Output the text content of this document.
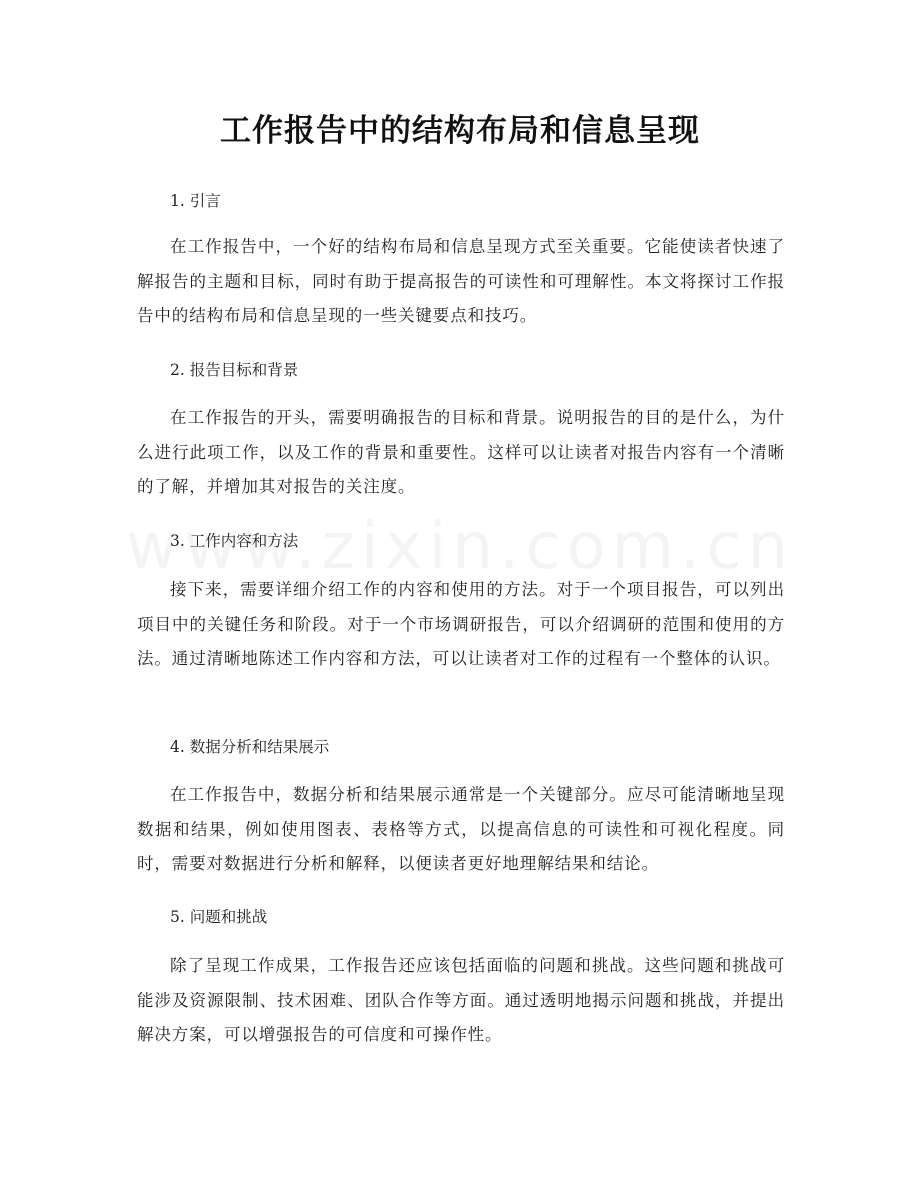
工作报告中的结构布局和信息呈现

1. 引言

在工作报告中，一个好的结构布局和信息呈现方式至关重要。它能使读者快速了解报告的主题和目标，同时有助于提高报告的可读性和可理解性。本文将探讨工作报告中的结构布局和信息呈现的一些关键要点和技巧。

2. 报告目标和背景

在工作报告的开头，需要明确报告的目标和背景。说明报告的目的是什么，为什么进行此项工作，以及工作的背景和重要性。这样可以让读者对报告内容有一个清晰的了解，并增加其对报告的关注度。

3. 工作内容和方法

接下来，需要详细介绍工作的内容和使用的方法。对于一个项目报告，可以列出项目中的关键任务和阶段。对于一个市场调研报告，可以介绍调研的范围和使用的方法。通过清晰地陈述工作内容和方法，可以让读者对工作的过程有一个整体的认识。

4. 数据分析和结果展示

在工作报告中，数据分析和结果展示通常是一个关键部分。应尽可能清晰地呈现数据和结果，例如使用图表、表格等方式，以提高信息的可读性和可视化程度。同时，需要对数据进行分析和解释，以便读者更好地理解结果和结论。

5. 问题和挑战

除了呈现工作成果，工作报告还应该包括面临的问题和挑战。这些问题和挑战可能涉及资源限制、技术困难、团队合作等方面。通过透明地揭示问题和挑战，并提出解决方案，可以增强报告的可信度和可操作性。
